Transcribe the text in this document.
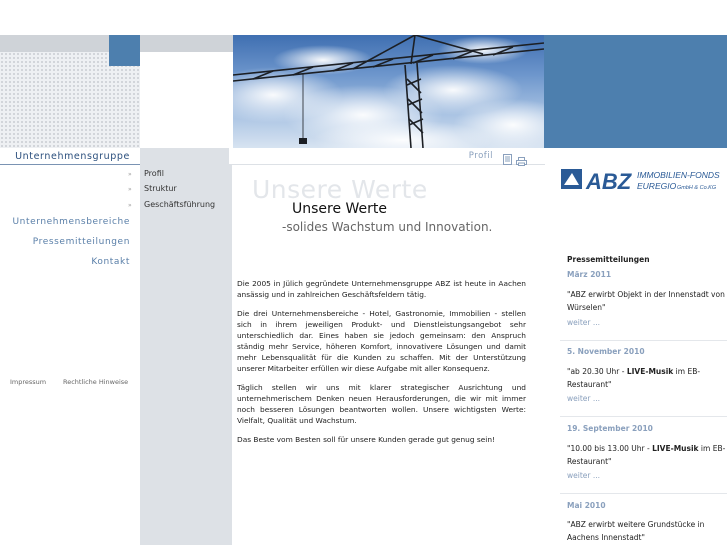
Unternehmensgruppe
» Profil
» Struktur
» Geschäftsführung
Unternehmensbereiche
Pressemitteilungen
Kontakt
Impressum	Rechtliche Hinweise
Profil
Unsere Werte
Unsere Werte
-solides Wachstum und Innovation.

Die 2005 in Jülich gegründete Unternehmensgruppe ABZ ist heute in Aachen ansässig und in zahlreichen Geschäftsfeldern tätig.

Die drei Unternehmensbereiche - Hotel, Gastronomie, Immobilien - stellen sich in ihrem jeweiligen Produkt- und Dienstleistungsangebot sehr unterschiedlich dar. Eines haben sie jedoch gemeinsam: den Anspruch ständig mehr Service, höheren Komfort, innovativere Lösungen und damit mehr Lebensqualität für die Kunden zu schaffen. Mit der Unterstützung unserer Mitarbeiter erfüllen wir diese Aufgabe mit aller Konsequenz.

Täglich stellen wir uns mit klarer strategischer Ausrichtung und unternehmerischem Denken neuen Herausforderungen, die wir mit immer noch besseren Lösungen beantworten wollen. Unsere wichtigsten Werte: Vielfalt, Qualität und Wachstum.

Das Beste vom Besten soll für unsere Kunden gerade gut genug sein!

ABZ IMMOBILIEN-FONDS
EUREGIO GmbH & Co.KG
Pressemitteilungen
März 2011
"ABZ erwirbt Objekt in der Innenstadt von Würselen"
weiter ...
5. November 2010
"ab 20.30 Uhr - LIVE-Musik im EB-Restaurant"
weiter ...
19. September 2010
"10.00 bis 13.00 Uhr - LIVE-Musik im EB-Restaurant"
weiter ...
Mai 2010
"ABZ erwirbt weitere Grundstücke in Aachens Innenstadt"
